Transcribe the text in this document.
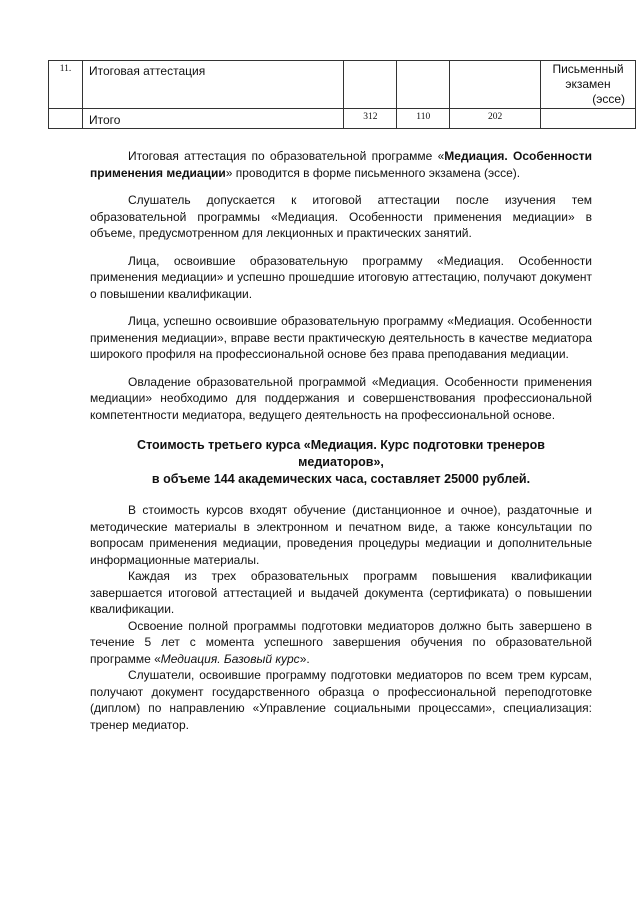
11.	Итоговая аттестация				Письменный
экзамен
(эссе)

	Итого	312	110	202	

Итоговая аттестация по образовательной программе «Медиация. Особенности применения медиации» проводится в форме письменного экзамена (эссе).

Слушатель допускается к итоговой аттестации после изучения тем образовательной программы «Медиация. Особенности применения медиации» в объеме, предусмотренном для лекционных и практических занятий.

Лица, освоившие образовательную программу «Медиация. Особенности применения медиации» и успешно прошедшие итоговую аттестацию, получают документ о повышении квалификации.

Лица, успешно освоившие образовательную программу «Медиация. Особенности применения медиации», вправе вести практическую деятельность в качестве медиатора широкого профиля на профессиональной основе без права преподавания медиации.

Овладение образовательной программой «Медиация. Особенности применения медиации» необходимо для поддержания и совершенствования профессиональной компетентности медиатора, ведущего деятельность на профессиональной основе.

Стоимость третьего курса «Медиация. Курс подготовки тренеров медиаторов»,
в объеме 144 академических часа, составляет 25000 рублей.

В стоимость курсов входят обучение (дистанционное и очное), раздаточные и методические материалы в электронном и печатном виде, а также консультации по вопросам применения медиации, проведения процедуры медиации и дополнительные информационные материалы.

Каждая из трех образовательных программ повышения квалификации завершается итоговой аттестацией и выдачей документа (сертификата) о повышении квалификации.

Освоение полной программы подготовки медиаторов должно быть завершено в течение 5 лет с момента успешного завершения обучения по образовательной программе «Медиация. Базовый курс».

Слушатели, освоившие программу подготовки медиаторов по всем трем курсам, получают документ государственного образца о профессиональной переподготовке (диплом) по направлению «Управление социальными процессами», специализация: тренер медиатор.
